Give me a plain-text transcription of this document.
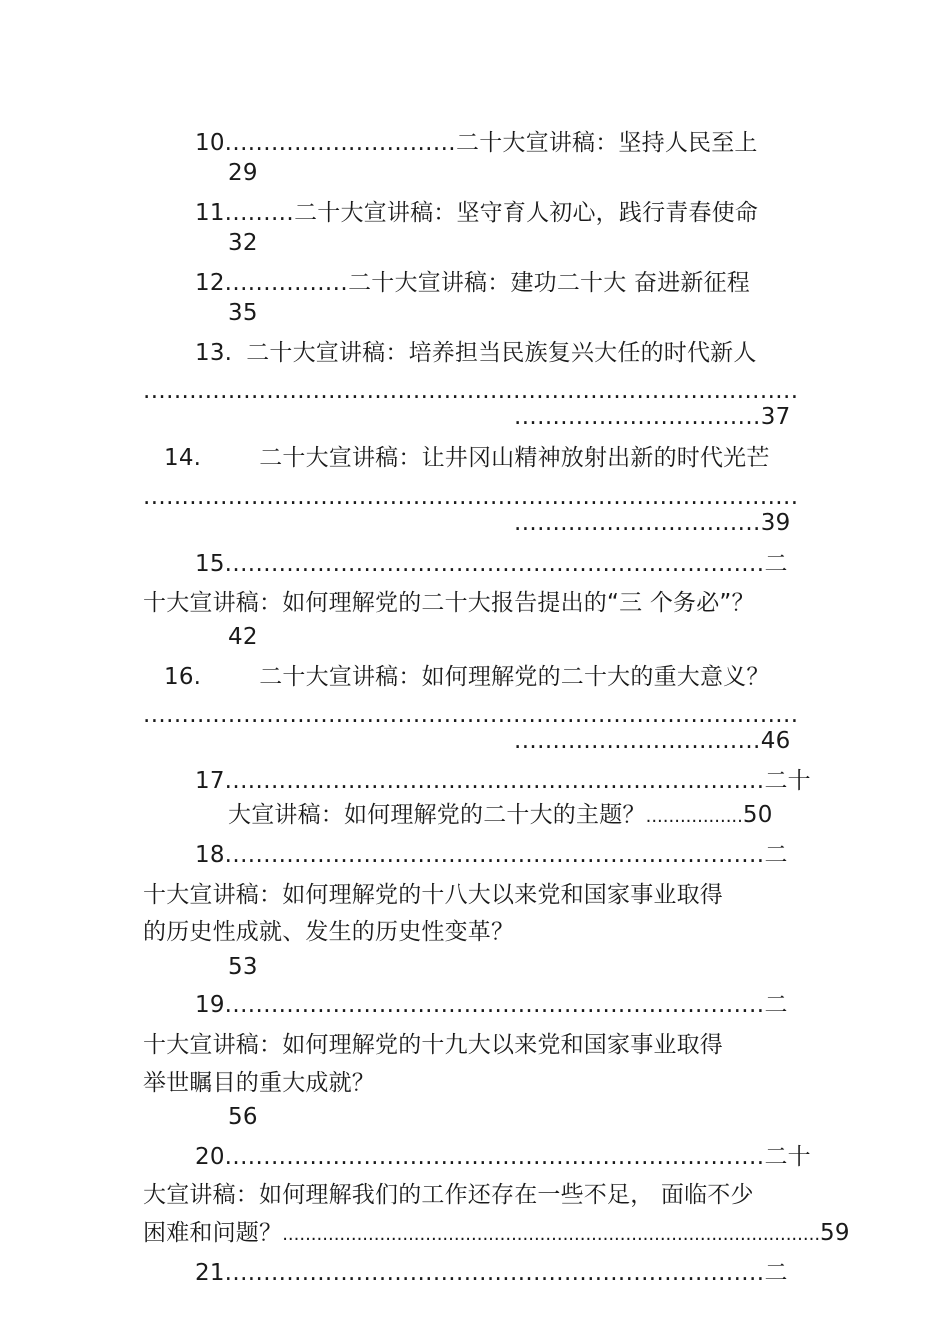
10..............................二十大宣讲稿：坚持人民至上
29
11.........二十大宣讲稿：坚守育人初心，践行青春使命
32
12................二十大宣讲稿：建功二十大 奋进新征程
35
13. 二十大宣讲稿：培养担当民族复兴大任的时代新人
.....................................................................................
................................37
14.	二十大宣讲稿：让井冈山精神放射出新的时代光芒
.....................................................................................
................................39
15......................................................................二
十大宣讲稿：如何理解党的二十大报告提出的“三 个务必”？
42
16.	二十大宣讲稿：如何理解党的二十大的重大意义？
.....................................................................................
................................46
17......................................................................二十
大宣讲稿：如何理解党的二十大的主题？.................50
18......................................................................二
十大宣讲稿：如何理解党的十八大以来党和国家事业取得
的历史性成就、发生的历史性变革？
53
19......................................................................二
十大宣讲稿：如何理解党的十九大以来党和国家事业取得
举世瞩目的重大成就？
56
20......................................................................二十
大宣讲稿：如何理解我们的工作还存在一些不足， 面临不少
困难和问题？..............................................................................................59
21......................................................................二
